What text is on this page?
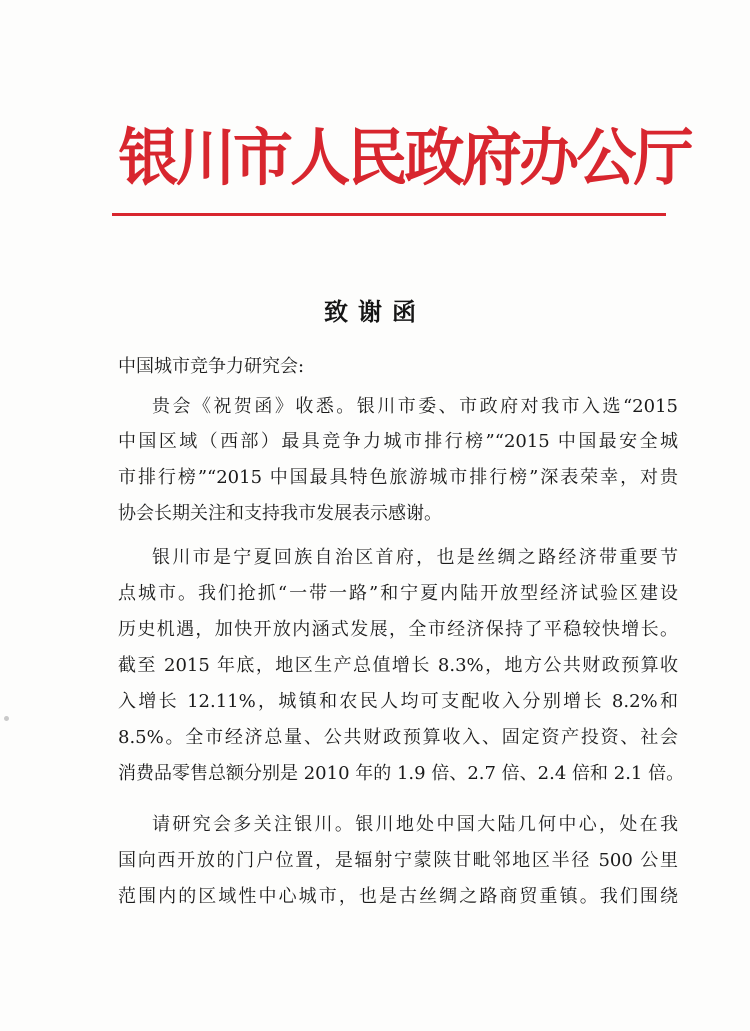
银川市人民政府办公厅
致谢函
中国城市竞争力研究会:
贵会《祝贺函》收悉。银川市委、市政府对我市入选“2015
中国区域（西部）最具竞争力城市排行榜”“2015 中国最安全城
市排行榜”“2015 中国最具特色旅游城市排行榜”深表荣幸，对贵
协会长期关注和支持我市发展表示感谢。
银川市是宁夏回族自治区首府，也是丝绸之路经济带重要节
点城市。我们抢抓“一带一路”和宁夏内陆开放型经济试验区建设
历史机遇，加快开放内涵式发展，全市经济保持了平稳较快增长。
截至 2015 年底，地区生产总值增长 8.3%，地方公共财政预算收
入增长 12.11%，城镇和农民人均可支配收入分别增长 8.2%和
8.5%。全市经济总量、公共财政预算收入、固定资产投资、社会
消费品零售总额分别是 2010 年的 1.9 倍、2.7 倍、2.4 倍和 2.1 倍。
请研究会多关注银川。银川地处中国大陆几何中心，处在我
国向西开放的门户位置，是辐射宁蒙陕甘毗邻地区半径 500 公里
范围内的区域性中心城市，也是古丝绸之路商贸重镇。我们围绕
